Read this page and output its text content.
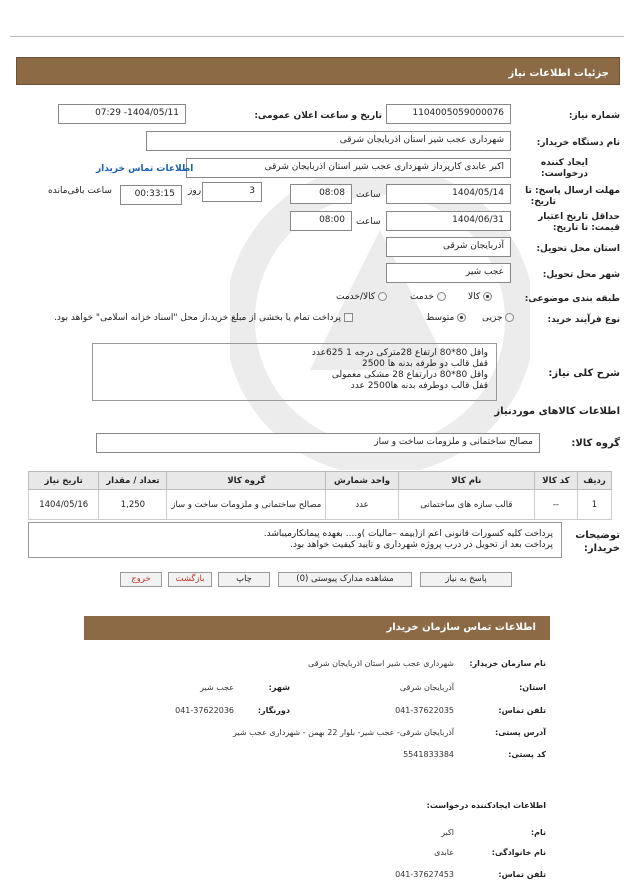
جزئیات اطلاعات نیاز
شماره نیاز:
1104005059000076
تاریخ و ساعت اعلان عمومی:
1404/05/11- 07:29
نام دستگاه خریدار:
شهرداری عجب شیر استان اذربایجان شرقی
ایجاد کننده
درخواست:
اکبر عابدی کارپرداز شهرداری عجب شیر استان اذربایجان شرقی
اطلاعات تماس خریدار
مهلت ارسال پاسخ: تا
تاریخ:
1404/05/14
ساعت
08:08
3
روز
00:33:15
ساعت باقی‌مانده
حداقل تاریخ اعتبار
قیمت: تا تاریخ:
1404/06/31
ساعت
08:00
استان محل تحویل:
آذربایجان شرقی
شهر محل تحویل:
عجب شیر
طبقه بندی موضوعی:
کالا
خدمت
کالا/خدمت
نوع فرآیند خرید:
جزیی
متوسط
پرداخت تمام یا بخشی از مبلغ خرید،از محل "اسناد خزانه اسلامی" خواهد بود.
شرح کلی نیاز:
واقل 80*80 ارتفاع 28مترکی درجه 1 625عدد
قفل قالب دو طرفه بدنه ها 2500
واقل 80*80 درارتفاع 28 مشکی معمولی
قفل قالب دوطرفه بدنه ها2500 عدد
اطلاعات کالاهای موردنیاز
گروه کالا:
مصالح ساختمانی و ملزومات ساخت و ساز
ردیف	کد کالا	نام کالا	واحد شمارش	گروه کالا	تعداد / مقدار	تاریخ نیاز
1	--	قالب سازه های ساختمانی	عدد	مصالح ساختمانی و ملزومات ساخت و ساز	1,250	1404/05/16
توضیحات
خریدار:
پرداخت کلیه کسورات قانونی اعم از(بیمه –مالیات )و.... بعهده پیمانکارمیباشد.
پرداخت بعد از تحویل در درب پروژه شهرداری و تایید کیفیت خواهد بود.
پاسخ به نیاز
مشاهده مدارک پیوستی (0)
چاپ
بازگشت
خروج
اطلاعات تماس سازمان خریدار
نام سازمان خریدار:
شهرداری عجب شیر استان اذربایجان شرقی
استان:
آذربایجان شرقی
شهر:
عجب شیر
تلفن تماس:
041-37622035
دورنگار:
041-37622036
آدرس پستی:
آذربایجان شرقی- عجب شیر- بلوار 22 بهمن - شهرداری عجب شیر
کد پستی:
5541833384
اطلاعات ایجادکننده درخواست:
نام:
اکبر
نام خانوادگی:
عابدی
تلفن تماس:
041-37627453
